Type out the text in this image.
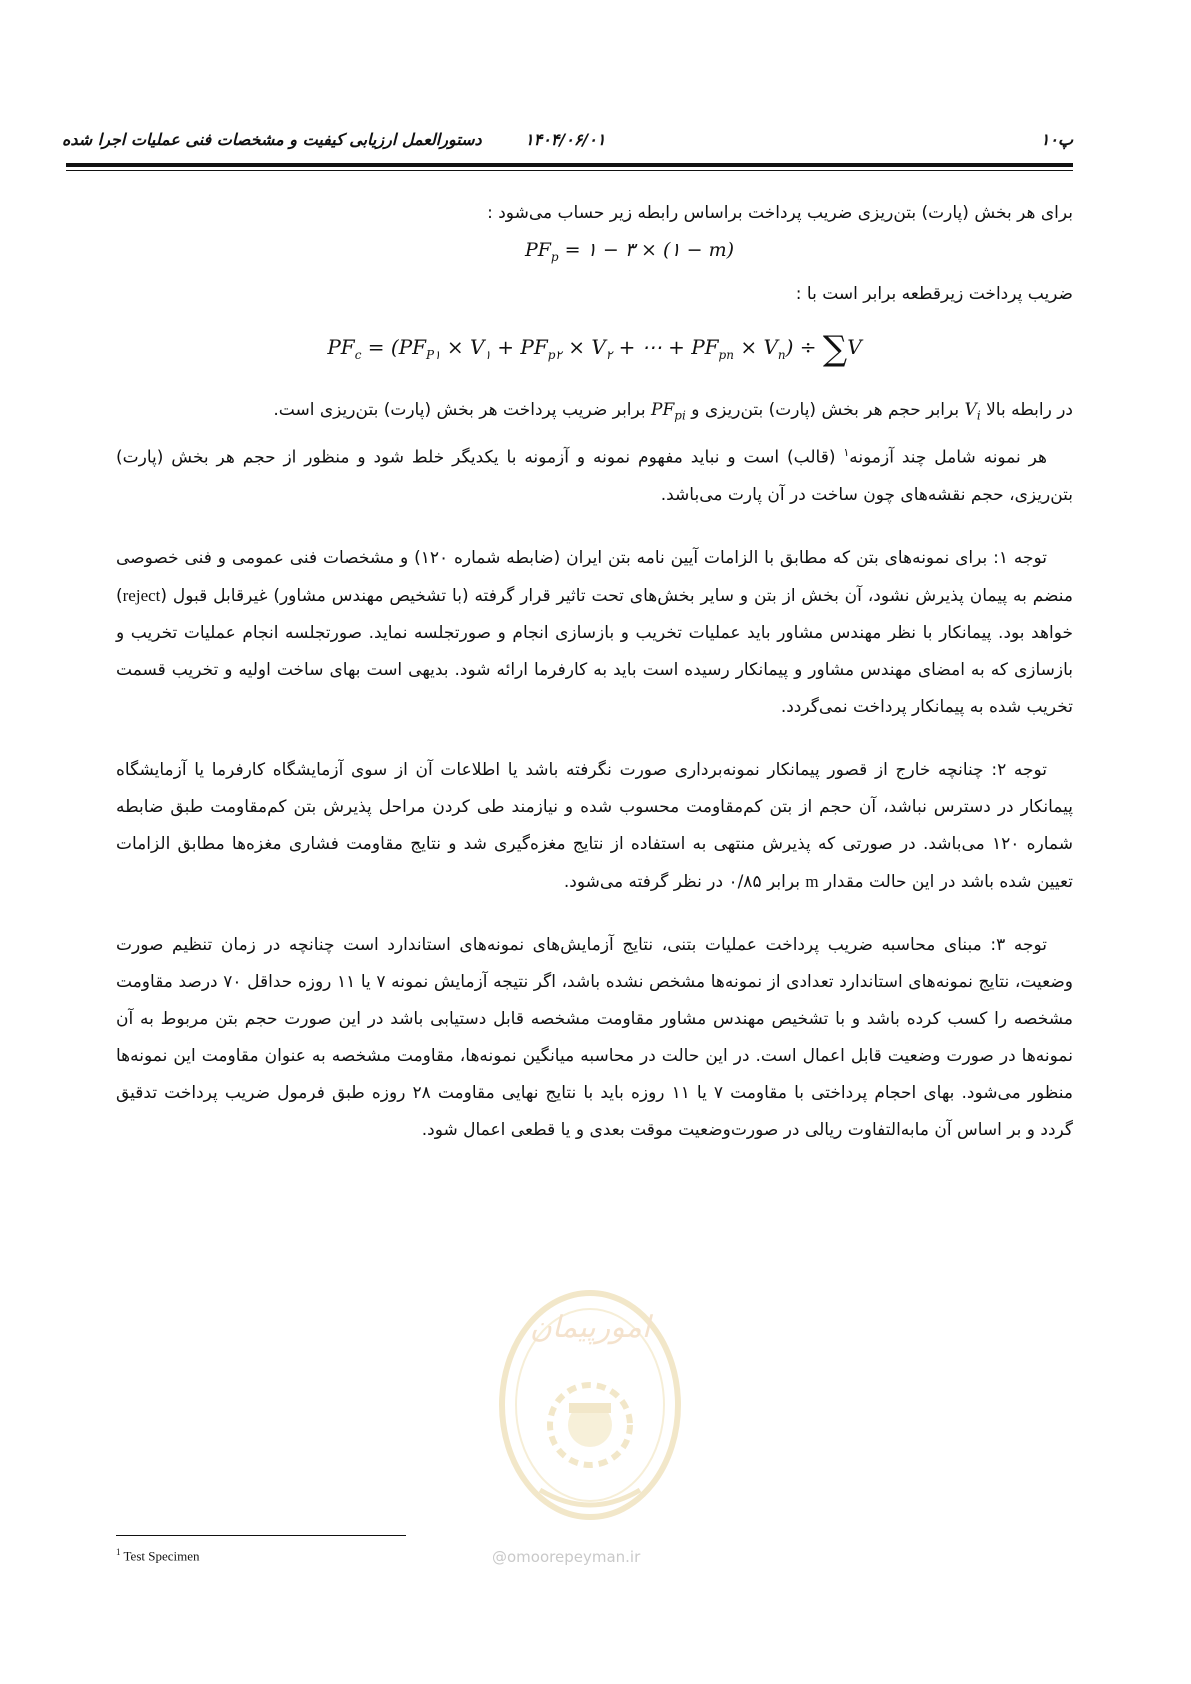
پ۱۰
۱۴۰۴/۰۶/۰۱
دستورالعمل ارزیابی کیفیت و مشخصات فنی عملیات اجرا شده
امورپیمان
@omoorepeyman.ir

برای هر بخش (پارت) بتن‌ریزی ضریب پرداخت براساس رابطه زیر حساب می‌شود :

$PF_p$ = ۱ − ۳ × (۱ − m)

ضریب پرداخت زیرقطعه برابر است با :

$PF_c = (PF_{P۱} \times V_۱ + PF_{p۲} \times V_۲$ + ⋯ + $PF_{pn} \times V_n) \div \sum V$

در رابطه بالا $V_i$ برابر حجم هر بخش (پارت) بتن‌ریزی و $PF_{pi}$ برابر ضریب پرداخت هر بخش (پارت) بتن‌ریزی است.

هر نمونه شامل چند آزمونه$^۱$ (قالب) است و نباید مفهوم نمونه و آزمونه با یکدیگر خلط شود و منظور از حجم هر بخش (پارت) بتن‌ریزی، حجم نقشه‌های چون ساخت در آن پارت می‌باشد.

توجه ۱: برای نمونه‌های بتن که مطابق با الزامات آیین نامه بتن ایران (ضابطه شماره ۱۲۰) و مشخصات فنی عمومی و فنی خصوصی منضم به پیمان پذیرش نشود، آن بخش از بتن و سایر بخش‌های تحت تاثیر قرار گرفته (با تشخیص مهندس مشاور) غیرقابل قبول (reject) خواهد بود. پیمانکار با نظر مهندس مشاور باید عملیات تخریب و بازسازی انجام و صورتجلسه نماید. صورتجلسه انجام عملیات تخریب و بازسازی که به امضای مهندس مشاور و پیمانکار رسیده است باید به کارفرما ارائه شود. بدیهی است بهای ساخت اولیه و تخریب قسمت تخریب شده به پیمانکار پرداخت نمی‌گردد.

توجه ۲: چنانچه خارج از قصور پیمانکار نمونه‌برداری صورت نگرفته باشد یا اطلاعات آن از سوی آزمایشگاه کارفرما یا آزمایشگاه پیمانکار در دسترس نباشد، آن حجم از بتن کم‌مقاومت محسوب شده و نیازمند طی کردن مراحل پذیرش بتن کم‌مقاومت طبق ضابطه شماره ۱۲۰ می‌باشد. در صورتی که پذیرش منتهی به استفاده از نتایج مغزه‌گیری شد و نتایج مقاومت فشاری مغزه‌ها مطابق الزامات تعیین شده باشد در این حالت مقدار m برابر ۰/۸۵ در نظر گرفته می‌شود.

توجه ۳: مبنای محاسبه ضریب پرداخت عملیات بتنی، نتایج آزمایش‌های نمونه‌های استاندارد است چنانچه در زمان تنظیم صورت وضعیت، نتایج نمونه‌های استاندارد تعدادی از نمونه‌ها مشخص نشده باشد، اگر نتیجه آزمایش نمونه ۷ یا ۱۱ روزه حداقل ۷۰ درصد مقاومت مشخصه را کسب کرده باشد و با تشخیص مهندس مشاور مقاومت مشخصه قابل دستیابی باشد در این صورت حجم بتن مربوط به آن نمونه‌ها در صورت وضعیت قابل اعمال است. در این حالت در محاسبه میانگین نمونه‌ها، مقاومت مشخصه به عنوان مقاومت این نمونه‌ها منظور می‌شود. بهای احجام پرداختی با مقاومت ۷ یا ۱۱ روزه باید با نتایج نهایی مقاومت ۲۸ روزه طبق فرمول ضریب پرداخت تدقیق گردد و بر اساس آن مابه‌التفاوت ریالی در صورت‌وضعیت موقت بعدی و یا قطعی اعمال شود.

$^1$ Test Specimen
